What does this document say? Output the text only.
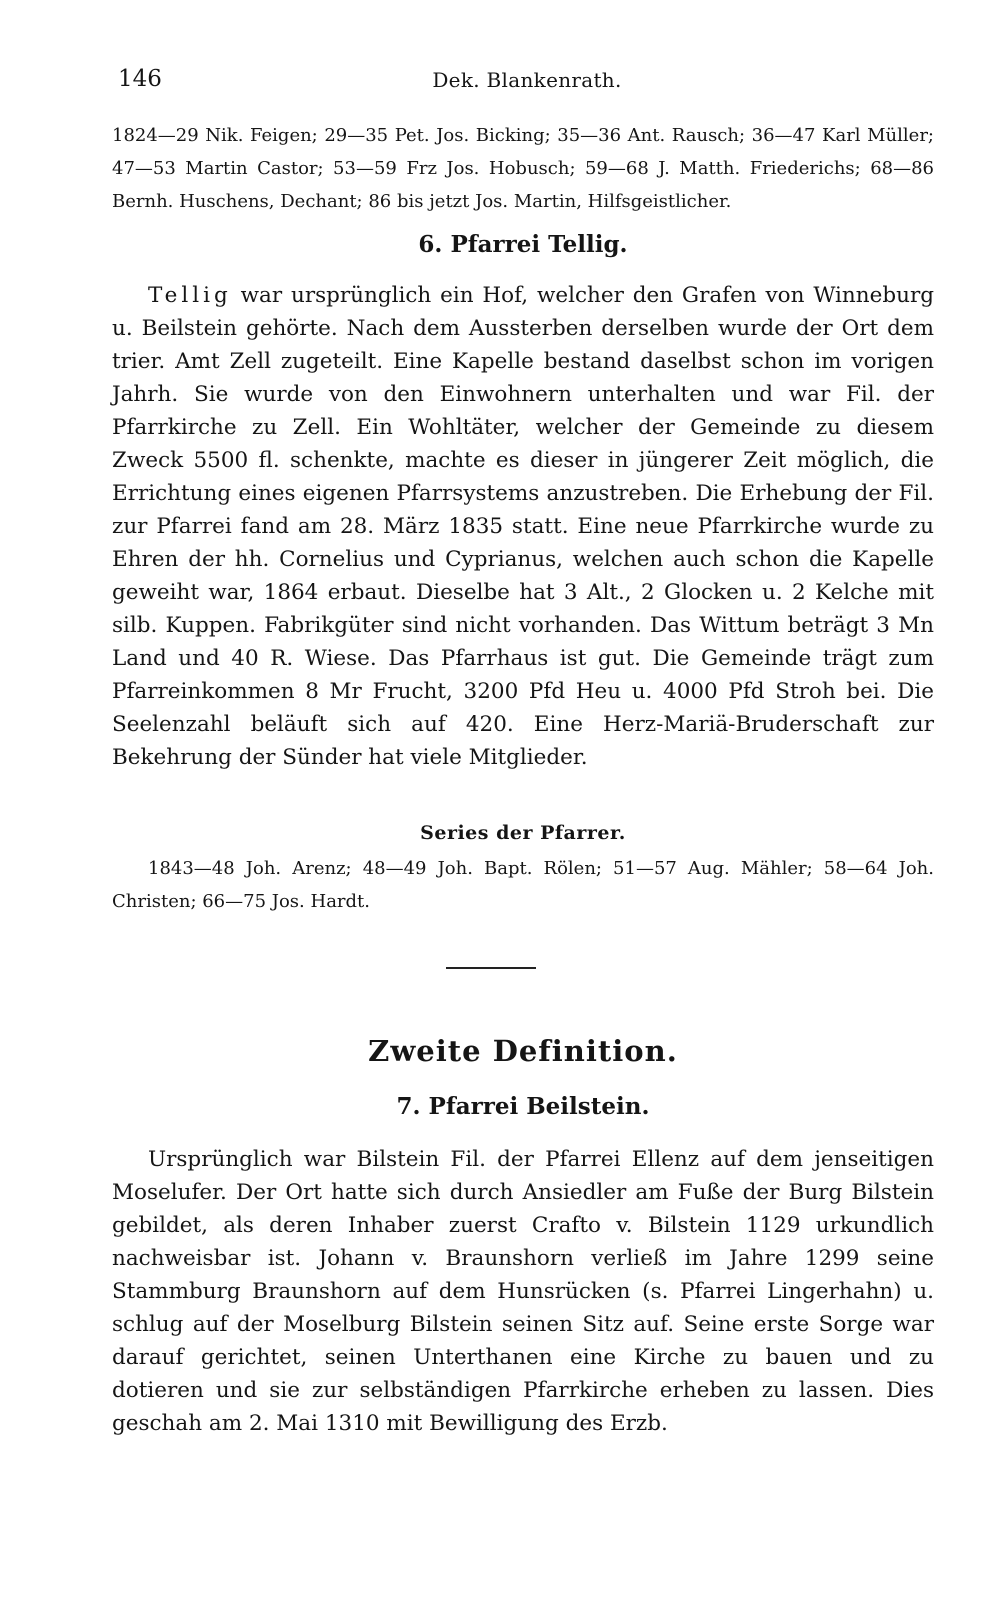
146	Dek. Blankenrath.

1824—29 Nik. Feigen; 29—35 Pet. Jos. Bicking; 35—36 Ant. Rausch; 36—47 Karl Müller; 47—53 Martin Castor; 53—59 Frz Jos. Hobusch; 59—68 J. Matth. Friederichs; 68—86 Bernh. Huschens, Dechant; 86 bis jetzt Jos. Martin, Hilfsgeistlicher.

6. Pfarrei Tellig.

Tellig war ursprünglich ein Hof, welcher den Grafen von Winneburg u. Beilstein gehörte. Nach dem Aussterben derselben wurde der Ort dem trier. Amt Zell zugeteilt. Eine Kapelle bestand daselbst schon im vorigen Jahrh. Sie wurde von den Einwohnern unterhalten und war Fil. der Pfarrkirche zu Zell. Ein Wohltäter, welcher der Gemeinde zu diesem Zweck 5500 fl. schenkte, machte es dieser in jüngerer Zeit möglich, die Errichtung eines eigenen Pfarrsystems anzustreben. Die Erhebung der Fil. zur Pfarrei fand am 28. März 1835 statt. Eine neue Pfarrkirche wurde zu Ehren der hh. Cornelius und Cyprianus, welchen auch schon die Kapelle geweiht war, 1864 erbaut. Dieselbe hat 3 Alt., 2 Glocken u. 2 Kelche mit silb. Kuppen. Fabrikgüter sind nicht vorhanden. Das Wittum beträgt 3 Mn Land und 40 R. Wiese. Das Pfarrhaus ist gut. Die Gemeinde trägt zum Pfarreinkommen 8 Mr Frucht, 3200 Pfd Heu u. 4000 Pfd Stroh bei. Die Seelenzahl beläuft sich auf 420. Eine Herz-Mariä-Bruderschaft zur Bekehrung der Sünder hat viele Mitglieder.

Series der Pfarrer.

1843—48 Joh. Arenz; 48—49 Joh. Bapt. Rölen; 51—57 Aug. Mähler; 58—64 Joh. Christen; 66—75 Jos. Hardt.

Zweite Definition.
7. Pfarrei Beilstein.

Ursprünglich war Bilstein Fil. der Pfarrei Ellenz auf dem jenseitigen Moselufer. Der Ort hatte sich durch Ansiedler am Fuße der Burg Bilstein gebildet, als deren Inhaber zuerst Crafto v. Bilstein 1129 urkundlich nachweisbar ist. Johann v. Braunshorn verließ im Jahre 1299 seine Stammburg Braunshorn auf dem Hunsrücken (s. Pfarrei Lingerhahn) u. schlug auf der Moselburg Bilstein seinen Sitz auf. Seine erste Sorge war darauf gerichtet, seinen Unterthanen eine Kirche zu bauen und zu dotieren und sie zur selbständigen Pfarrkirche erheben zu lassen. Dies geschah am 2. Mai 1310 mit Bewilligung des Erzb.
